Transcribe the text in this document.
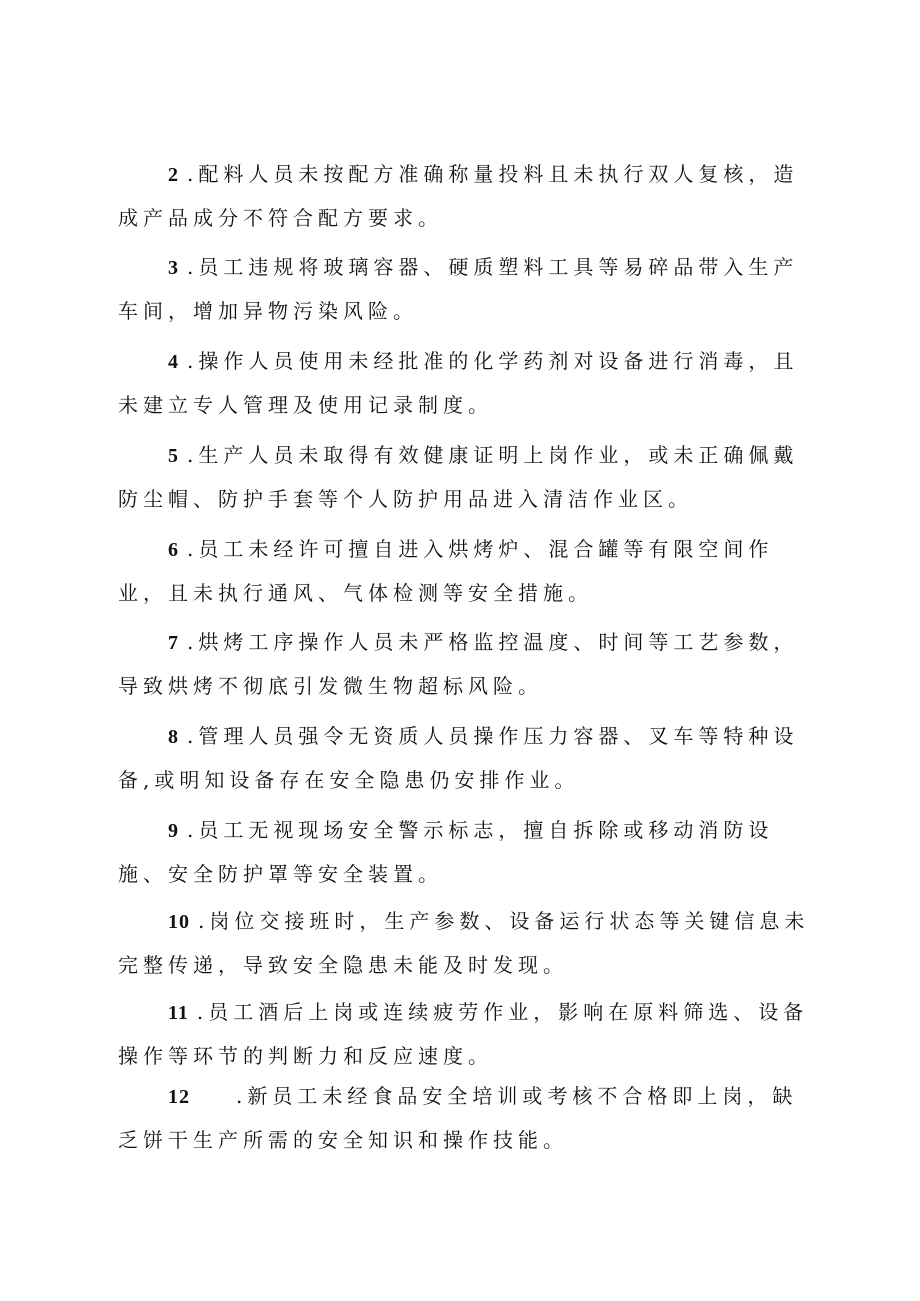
2 .配料人员未按配方准确称量投料且未执行双人复核，造成产品成分不符合配方要求。

3 .员工违规将玻璃容器、硬质塑料工具等易碎品带入生产车间，增加异物污染风险。

4 .操作人员使用未经批准的化学药剂对设备进行消毒，且未建立专人管理及使用记录制度。

5 .生产人员未取得有效健康证明上岗作业，或未正确佩戴防尘帽、防护手套等个人防护用品进入清洁作业区。

6 .员工未经许可擅自进入烘烤炉、混合罐等有限空间作业，且未执行通风、气体检测等安全措施。

7 .烘烤工序操作人员未严格监控温度、时间等工艺参数，导致烘烤不彻底引发微生物超标风险。

8 .管理人员强令无资质人员操作压力容器、叉车等特种设备,或明知设备存在安全隐患仍安排作业。

9 .员工无视现场安全警示标志，擅自拆除或移动消防设施、安全防护罩等安全装置。

10 .岗位交接班时，生产参数、设备运行状态等关键信息未完整传递，导致安全隐患未能及时发现。

11 .员工酒后上岗或连续疲劳作业，影响在原料筛选、设备操作等环节的判断力和反应速度。

12 .新员工未经食品安全培训或考核不合格即上岗，缺乏饼干生产所需的安全知识和操作技能。
